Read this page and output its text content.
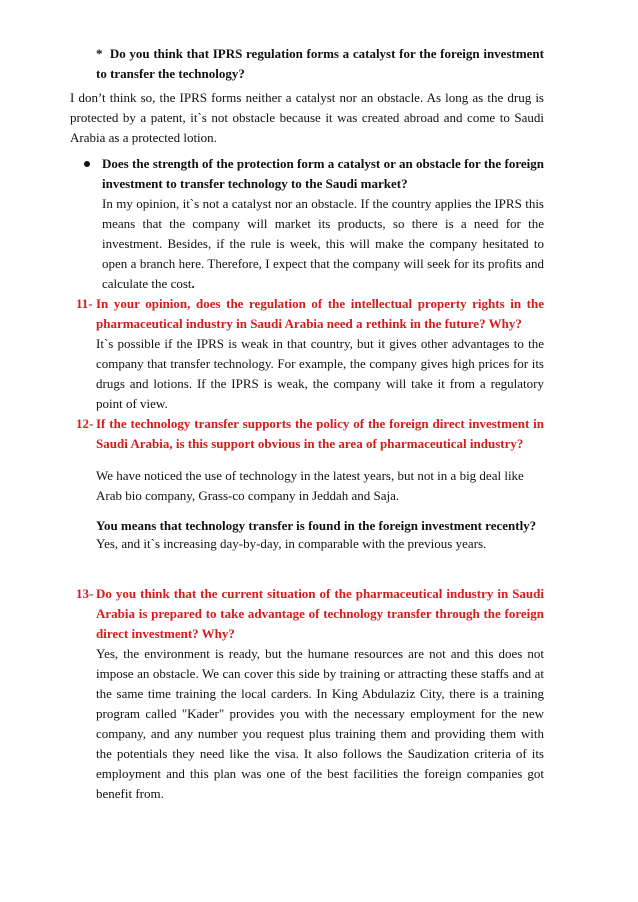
* Do you think that IPRS regulation forms a catalyst for the foreign investment to transfer the technology?
I don’t think so, the IPRS forms neither a catalyst nor an obstacle. As long as the drug is protected by a patent, it`s not obstacle because it was created abroad and come to Saudi Arabia as a protected lotion.
Does the strength of the protection form a catalyst or an obstacle for the foreign investment to transfer technology to the Saudi market?
In my opinion, it`s not a catalyst nor an obstacle. If the country applies the IPRS this means that the company will market its products, so there is a need for the investment. Besides, if the rule is week, this will make the company hesitated to open a branch here. Therefore, I expect that the company will seek for its profits and calculate the cost.
11- In your opinion, does the regulation of the intellectual property rights in the pharmaceutical industry in Saudi Arabia need a rethink in the future? Why?
It`s possible if the IPRS is weak in that country, but it gives other advantages to the company that transfer technology. For example, the company gives high prices for its drugs and lotions. If the IPRS is weak, the company will take it from a regulatory point of view.
12- If the technology transfer supports the policy of the foreign direct investment in Saudi Arabia, is this support obvious in the area of pharmaceutical industry?
We have noticed the use of technology in the latest years, but not in a big deal like Arab bio company, Grass-co company in Jeddah and Saja.
You means that technology transfer is found in the foreign investment recently?
Yes, and it`s increasing day-by-day, in comparable with the previous years.
13- Do you think that the current situation of the pharmaceutical industry in Saudi Arabia is prepared to take advantage of technology transfer through the foreign direct investment? Why?
Yes, the environment is ready, but the humane resources are not and this does not impose an obstacle. We can cover this side by training or attracting these staffs and at the same time training the local carders. In King Abdulaziz City, there is a training program called "Kader" provides you with the necessary employment for the new company, and any number you request plus training them and providing them with the potentials they need like the visa. It also follows the Saudization criteria of its employment and this plan was one of the best facilities the foreign companies got benefit from.
